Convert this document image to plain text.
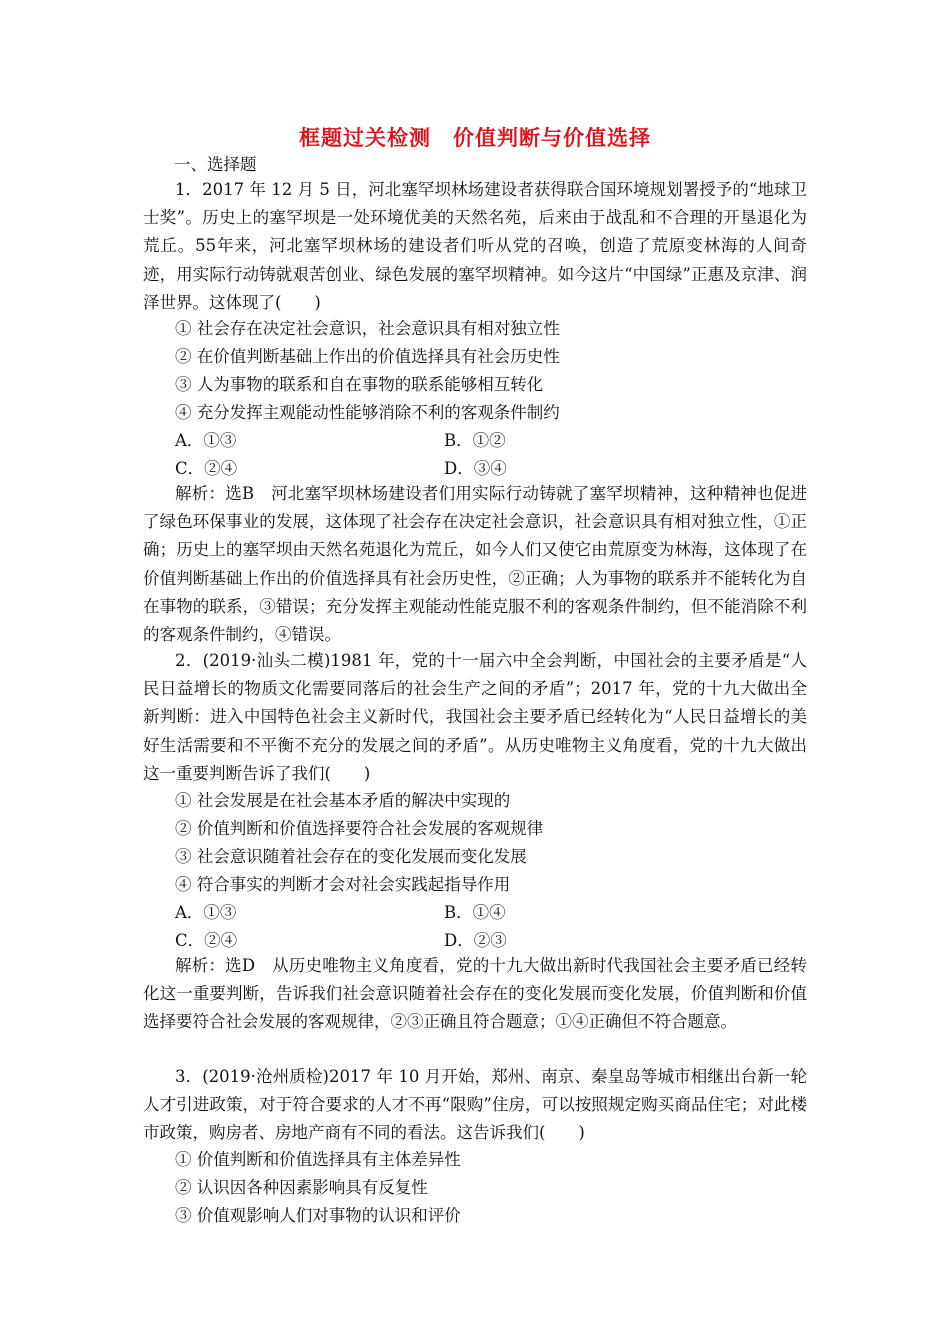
框题过关检测　价值判断与价值选择
一、选择题
1．2017 年 12 月 5 日，河北塞罕坝林场建设者获得联合国环境规划署授予的“地球卫士奖”。历史上的塞罕坝是一处环境优美的天然名苑，后来由于战乱和不合理的开垦退化为荒丘。55年来，河北塞罕坝林场的建设者们听从党的召唤，创造了荒原变林海的人间奇迹，用实际行动铸就艰苦创业、绿色发展的塞罕坝精神。如今这片“中国绿”正惠及京津、润泽世界。这体现了(　　)
① 社会存在决定社会意识，社会意识具有相对独立性
② 在价值判断基础上作出的价值选择具有社会历史性
③ 人为事物的联系和自在事物的联系能够相互转化
④ 充分发挥主观能动性能够消除不利的客观条件制约
A．①③	B．①②
C．②④	D．③④
解析：选B　河北塞罕坝林场建设者们用实际行动铸就了塞罕坝精神，这种精神也促进了绿色环保事业的发展，这体现了社会存在决定社会意识，社会意识具有相对独立性，①正确；历史上的塞罕坝由天然名苑退化为荒丘，如今人们又使它由荒原变为林海，这体现了在价值判断基础上作出的价值选择具有社会历史性，②正确；人为事物的联系并不能转化为自在事物的联系，③错误；充分发挥主观能动性能克服不利的客观条件制约，但不能消除不利的客观条件制约，④错误。
2．(2019·汕头二模)1981 年，党的十一届六中全会判断，中国社会的主要矛盾是“人民日益增长的物质文化需要同落后的社会生产之间的矛盾”；2017 年，党的十九大做出全新判断：进入中国特色社会主义新时代，我国社会主要矛盾已经转化为“人民日益增长的美好生活需要和不平衡不充分的发展之间的矛盾”。从历史唯物主义角度看，党的十九大做出这一重要判断告诉了我们(　　)
① 社会发展是在社会基本矛盾的解决中实现的
② 价值判断和价值选择要符合社会发展的客观规律
③ 社会意识随着社会存在的变化发展而变化发展
④ 符合事实的判断才会对社会实践起指导作用
A．①③	B．①④
C．②④	D．②③
解析：选D　从历史唯物主义角度看，党的十九大做出新时代我国社会主要矛盾已经转化这一重要判断，告诉我们社会意识随着社会存在的变化发展而变化发展，价值判断和价值选择要符合社会发展的客观规律，②③正确且符合题意；①④正确但不符合题意。
3．(2019·沧州质检)2017 年 10 月开始，郑州、南京、秦皇岛等城市相继出台新一轮人才引进政策，对于符合要求的人才不再“限购”住房，可以按照规定购买商品住宅；对此楼市政策，购房者、房地产商有不同的看法。这告诉我们(　　)
① 价值判断和价值选择具有主体差异性
② 认识因各种因素影响具有反复性
③ 价值观影响人们对事物的认识和评价
